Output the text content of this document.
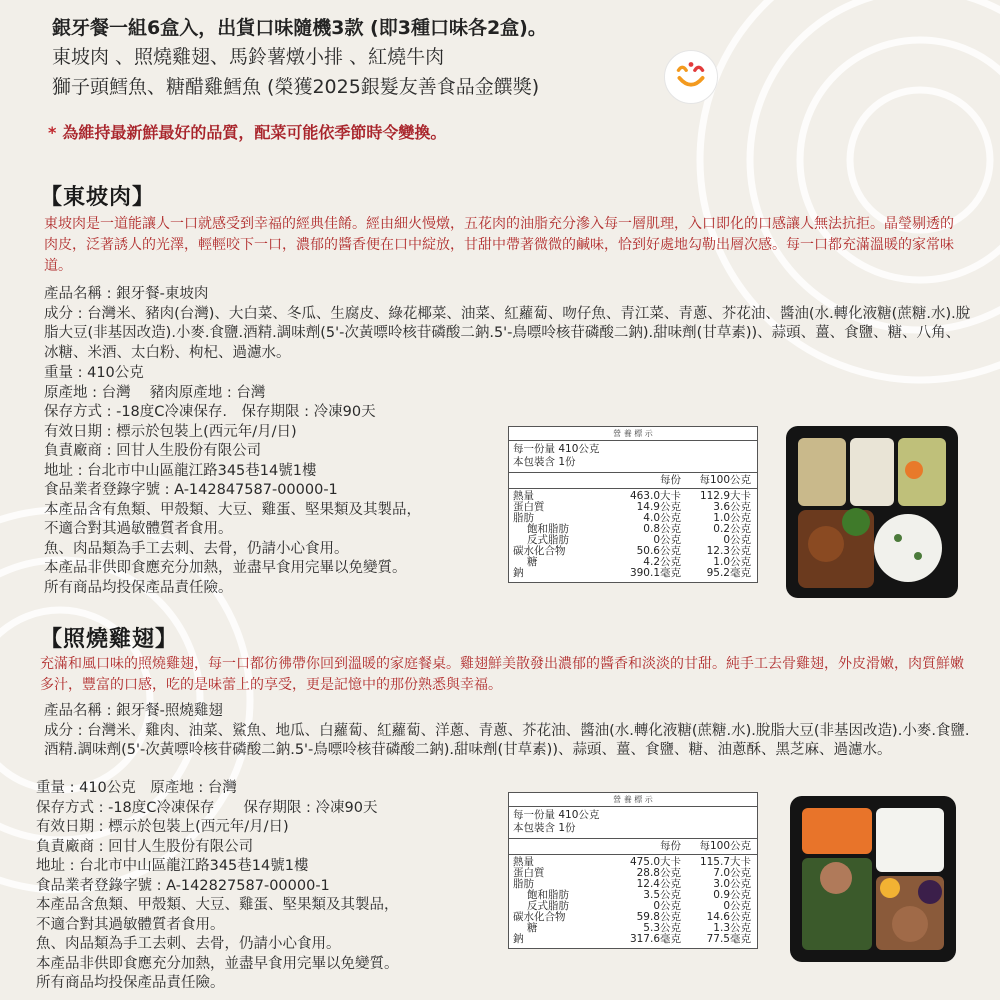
銀牙餐一組6盒入，出貨口味隨機3款 (即3種口味各2盒)。
東坡肉 、照燒雞翅、馬鈴薯燉小排 、紅燒牛肉
獅子頭鱈魚、糖醋雞鱈魚 (榮獲2025銀髮友善食品金饌獎)
* 為維持最新鮮最好的品質，配菜可能依季節時令變換。
【東坡肉】
東坡肉是一道能讓人一口就感受到幸福的經典佳餚。經由細火慢燉，五花肉的油脂充分滲入每一層肌理，入口即化的口感讓人無法抗拒。晶瑩剔透的肉皮，泛著誘人的光澤，輕輕咬下一口，濃郁的醬香便在口中綻放，甘甜中帶著微微的鹹味，恰到好處地勾勒出層次感。每一口都充滿溫暖的家常味道。
產品名稱 : 銀牙餐-東坡肉
成分 : 台灣米、豬肉(台灣)、大白菜、冬瓜、生腐皮、綠花椰菜、油菜、紅蘿蔔、吻仔魚、青江菜、青蔥、芥花油、醬油(水.轉化液糖(蔗糖.水).脫脂大豆(非基因改造).小麥.食鹽.酒精.調味劑(5'-次黃嘌呤核苷磷酸二鈉.5'-鳥嘌呤核苷磷酸二鈉).甜味劑(甘草素))、蒜頭、薑、食鹽、糖、八角、冰糖、米酒、太白粉、枸杞、過濾水。
重量 : 410公克
原產地 : 台灣　 豬肉原產地 : 台灣
保存方式 : -18度C冷凍保存.　保存期限 : 冷凍90天
有效日期 : 標示於包裝上(西元年/月/日)
負責廠商 : 回甘人生股份有限公司
地址 : 台北市中山區龍江路345巷14號1樓
食品業者登錄字號 : A-142847587-00000-1
本產品含有魚類、甲殼類、大豆、雞蛋、堅果類及其製品，
不適合對其過敏體質者食用。
魚、肉品類為手工去刺、去骨，仍請小心食用。
本產品非供即食應充分加熱，並盡早食用完畢以免變質。
所有商品均投保產品責任險。
營 養 標 示
每一份量 410公克
本包裝含 1份
每份	每100公克
熱量	463.0大卡	112.9大卡
蛋白質	14.9公克	3.6公克
脂肪	4.0公克	1.0公克
飽和脂肪	0.8公克	0.2公克
反式脂肪	0公克	0公克
碳水化合物	50.6公克	12.3公克
糖	4.2公克	1.0公克
鈉	390.1毫克	95.2毫克
【照燒雞翅】
充滿和風口味的照燒雞翅，每一口都彷彿帶你回到溫暖的家庭餐桌。雞翅鮮美散發出濃郁的醬香和淡淡的甘甜。純手工去骨雞翅，外皮滑嫩，肉質鮮嫩多汁，豐富的口感，吃的是味蕾上的享受，更是記憶中的那份熟悉與幸福。
產品名稱 : 銀牙餐-照燒雞翅
成分 : 台灣米、雞肉、油菜、鯊魚、地瓜、白蘿蔔、紅蘿蔔、洋蔥、青蔥、芥花油、醬油(水.轉化液糖(蔗糖.水).脫脂大豆(非基因改造).小麥.食鹽.酒精.調味劑(5'-次黃嘌呤核苷磷酸二鈉.5'-鳥嘌呤核苷磷酸二鈉).甜味劑(甘草素))、蒜頭、薑、食鹽、糖、油蔥酥、黑芝麻、過濾水。
重量 : 410公克　原產地 : 台灣
保存方式 : -18度C冷凍保存　　保存期限 : 冷凍90天
有效日期 : 標示於包裝上(西元年/月/日)
負責廠商 : 回甘人生股份有限公司
地址 : 台北市中山區龍江路345巷14號1樓
食品業者登錄字號 : A-142827587-00000-1
本產品含魚類、甲殼類、大豆、雞蛋、堅果類及其製品，
不適合對其過敏體質者食用。
魚、肉品類為手工去刺、去骨，仍請小心食用。
本產品非供即食應充分加熱，並盡早食用完畢以免變質。
所有商品均投保產品責任險。
營 養 標 示
每一份量 410公克
本包裝含 1份
每份	每100公克
熱量	475.0大卡	115.7大卡
蛋白質	28.8公克	7.0公克
脂肪	12.4公克	3.0公克
飽和脂肪	3.5公克	0.9公克
反式脂肪	0公克	0公克
碳水化合物	59.8公克	14.6公克
糖	5.3公克	1.3公克
鈉	317.6毫克	77.5毫克
